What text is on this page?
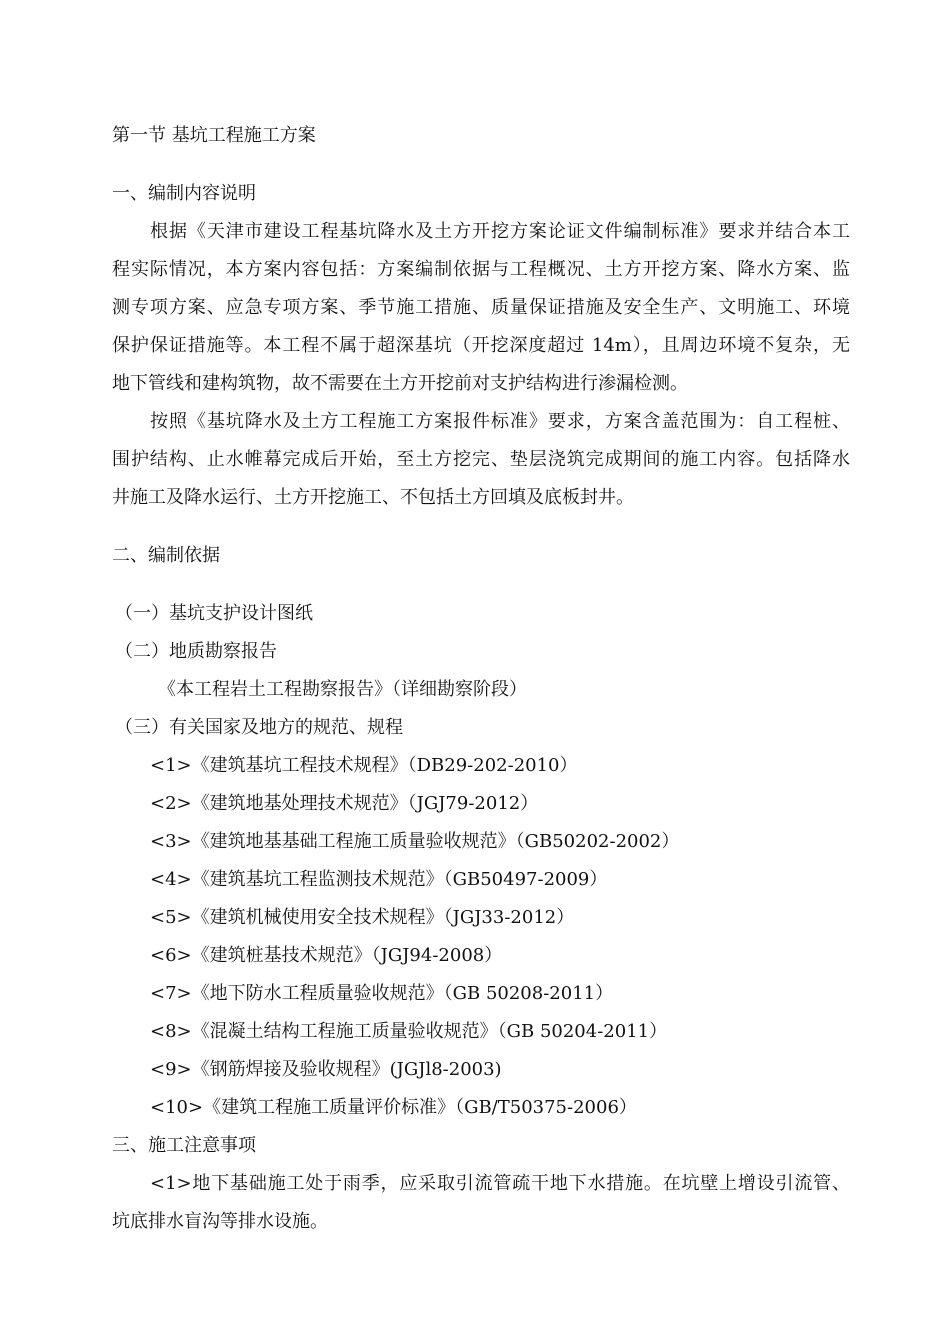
第一节 基坑工程施工方案
一、编制内容说明
根据《天津市建设工程基坑降水及土方开挖方案论证文件编制标准》要求并结合本工
程实际情况，本方案内容包括：方案编制依据与工程概况、土方开挖方案、降水方案、监
测专项方案、应急专项方案、季节施工措施、质量保证措施及安全生产、文明施工、环境
保护保证措施等。本工程不属于超深基坑（开挖深度超过 14m），且周边环境不复杂，无
地下管线和建构筑物，故不需要在土方开挖前对支护结构进行渗漏检测。
按照《基坑降水及土方工程施工方案报件标准》要求，方案含盖范围为：自工程桩、
围护结构、止水帷幕完成后开始，至土方挖完、垫层浇筑完成期间的施工内容。包括降水
井施工及降水运行、土方开挖施工、不包括土方回填及底板封井。
二、编制依据
（一）基坑支护设计图纸
（二）地质勘察报告
《本工程岩土工程勘察报告》（详细勘察阶段）
（三）有关国家及地方的规范、规程
<1>《建筑基坑工程技术规程》（DB29-202-2010）
<2>《建筑地基处理技术规范》（JGJ79-2012）
<3>《建筑地基基础工程施工质量验收规范》（GB50202-2002）
<4>《建筑基坑工程监测技术规范》（GB50497-2009）
<5>《建筑机械使用安全技术规程》（JGJ33-2012）
<6>《建筑桩基技术规范》（JGJ94-2008）
<7>《地下防水工程质量验收规范》（GB 50208-2011）
<8>《混凝土结构工程施工质量验收规范》（GB 50204-2011）
<9>《钢筋焊接及验收规程》(JGJl8-2003)
<10>《建筑工程施工质量评价标准》（GB/T50375-2006）
三、施工注意事项
<1>地下基础施工处于雨季，应采取引流管疏干地下水措施。在坑壁上增设引流管、
坑底排水盲沟等排水设施。
